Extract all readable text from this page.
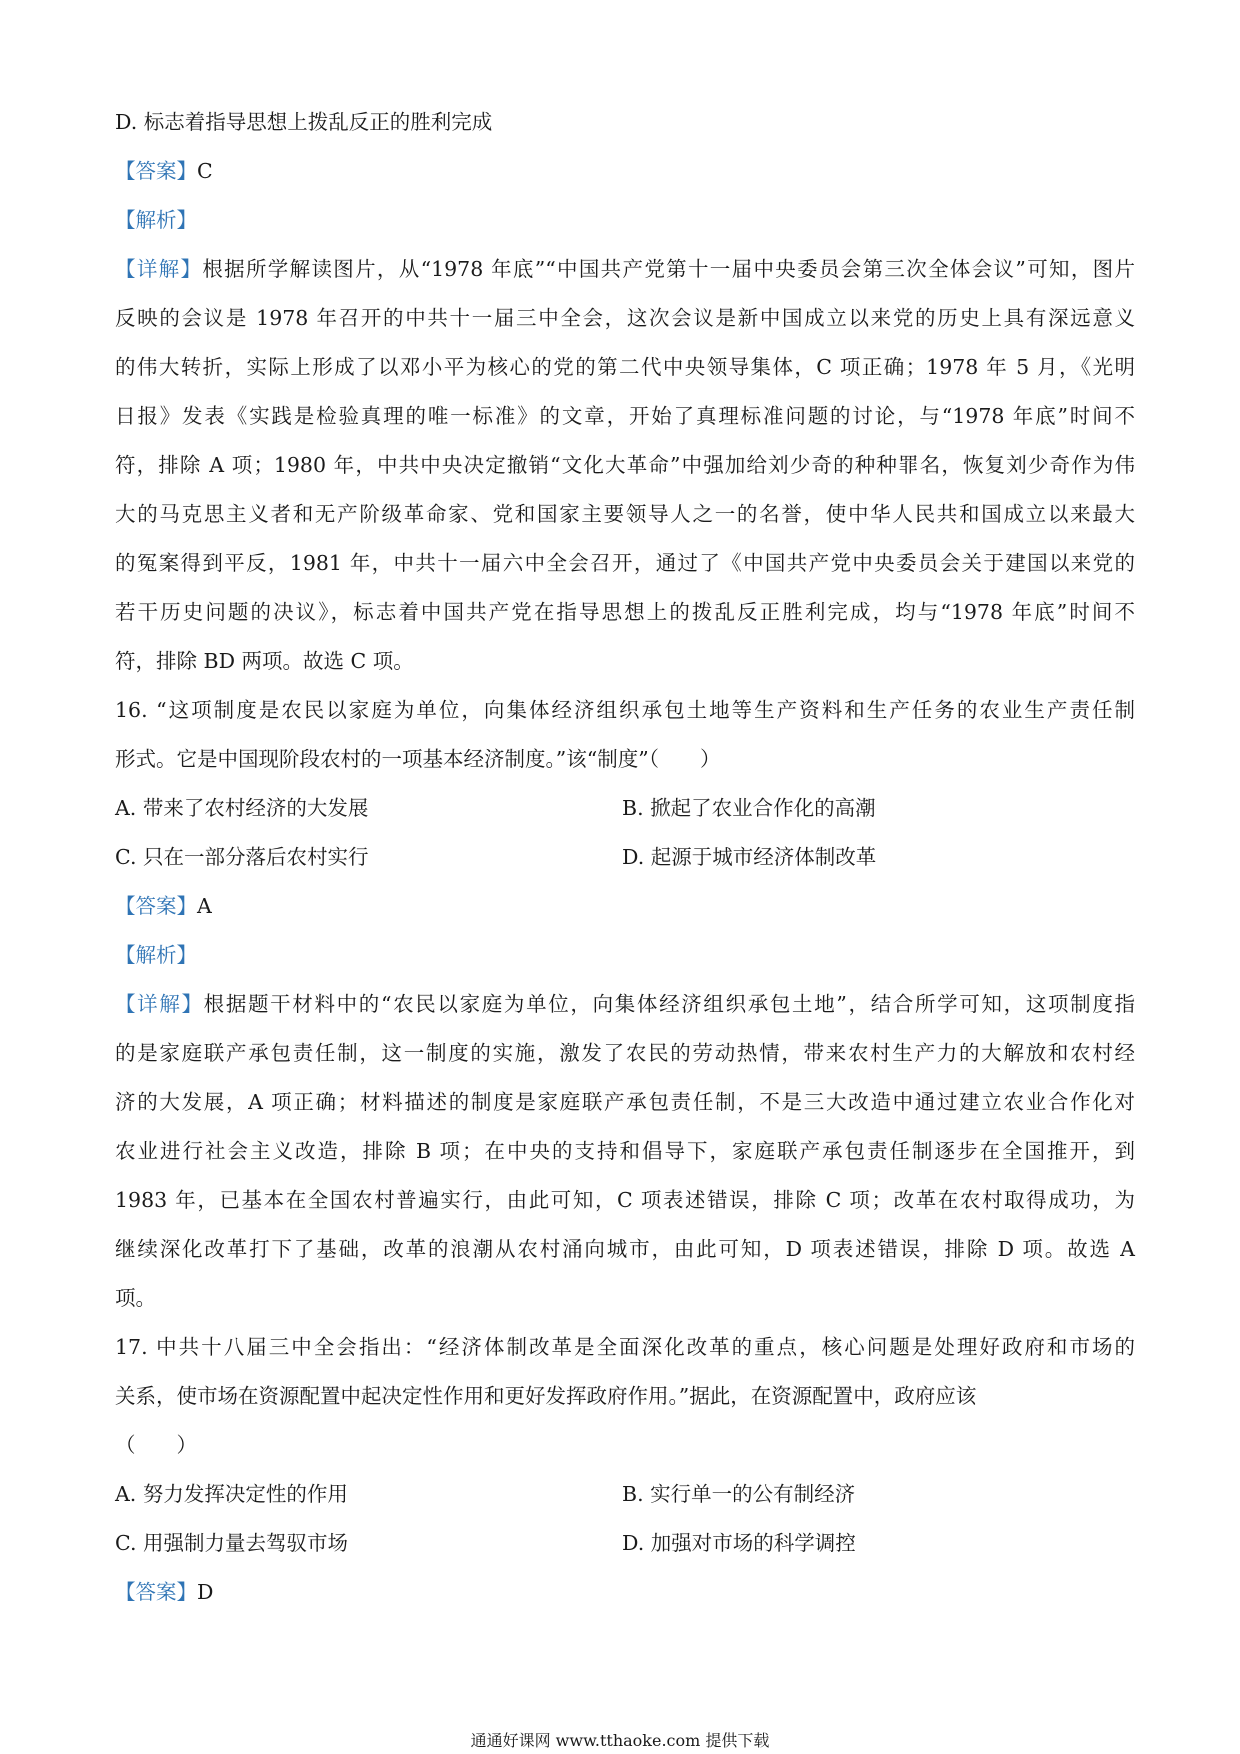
D. 标志着指导思想上拨乱反正的胜利完成
【答案】C
【解析】
【详解】根据所学解读图片，从“1978 年底”“中国共产党第十一届中央委员会第三次全体会议”可知，图片
反映的会议是 1978 年召开的中共十一届三中全会，这次会议是新中国成立以来党的历史上具有深远意义
的伟大转折，实际上形成了以邓小平为核心的党的第二代中央领导集体，C 项正确；1978 年 5 月，《光明
日报》发表《实践是检验真理的唯一标准》的文章，开始了真理标准问题的讨论，与“1978 年底”时间不
符，排除 A 项；1980 年，中共中央决定撤销“文化大革命”中强加给刘少奇的种种罪名，恢复刘少奇作为伟
大的马克思主义者和无产阶级革命家、党和国家主要领导人之一的名誉，使中华人民共和国成立以来最大
的冤案得到平反，1981 年，中共十一届六中全会召开，通过了《中国共产党中央委员会关于建国以来党的
若干历史问题的决议》，标志着中国共产党在指导思想上的拨乱反正胜利完成，均与“1978 年底”时间不
符，排除 BD 两项。故选 C 项。
16. “这项制度是农民以家庭为单位，向集体经济组织承包土地等生产资料和生产任务的农业生产责任制
形式。它是中国现阶段农村的一项基本经济制度。”该“制度”（　　）
A. 带来了农村经济的大发展	B. 掀起了农业合作化的高潮
C. 只在一部分落后农村实行	D. 起源于城市经济体制改革
【答案】A
【解析】
【详解】根据题干材料中的“农民以家庭为单位，向集体经济组织承包土地”，结合所学可知，这项制度指
的是家庭联产承包责任制，这一制度的实施，激发了农民的劳动热情，带来农村生产力的大解放和农村经
济的大发展，A 项正确；材料描述的制度是家庭联产承包责任制，不是三大改造中通过建立农业合作化对
农业进行社会主义改造，排除 B 项；在中央的支持和倡导下，家庭联产承包责任制逐步在全国推开，到
1983 年，已基本在全国农村普遍实行，由此可知，C 项表述错误，排除 C 项；改革在农村取得成功，为
继续深化改革打下了基础，改革的浪潮从农村涌向城市，由此可知，D 项表述错误，排除 D 项。故选 A
项。
17. 中共十八届三中全会指出：“经济体制改革是全面深化改革的重点，核心问题是处理好政府和市场的
关系，使市场在资源配置中起决定性作用和更好发挥政府作用。”据此，在资源配置中，政府应该
（　　）
A. 努力发挥决定性的作用	B. 实行单一的公有制经济
C. 用强制力量去驾驭市场	D. 加强对市场的科学调控
【答案】D
通通好课网 www.tthaoke.com 提供下载
